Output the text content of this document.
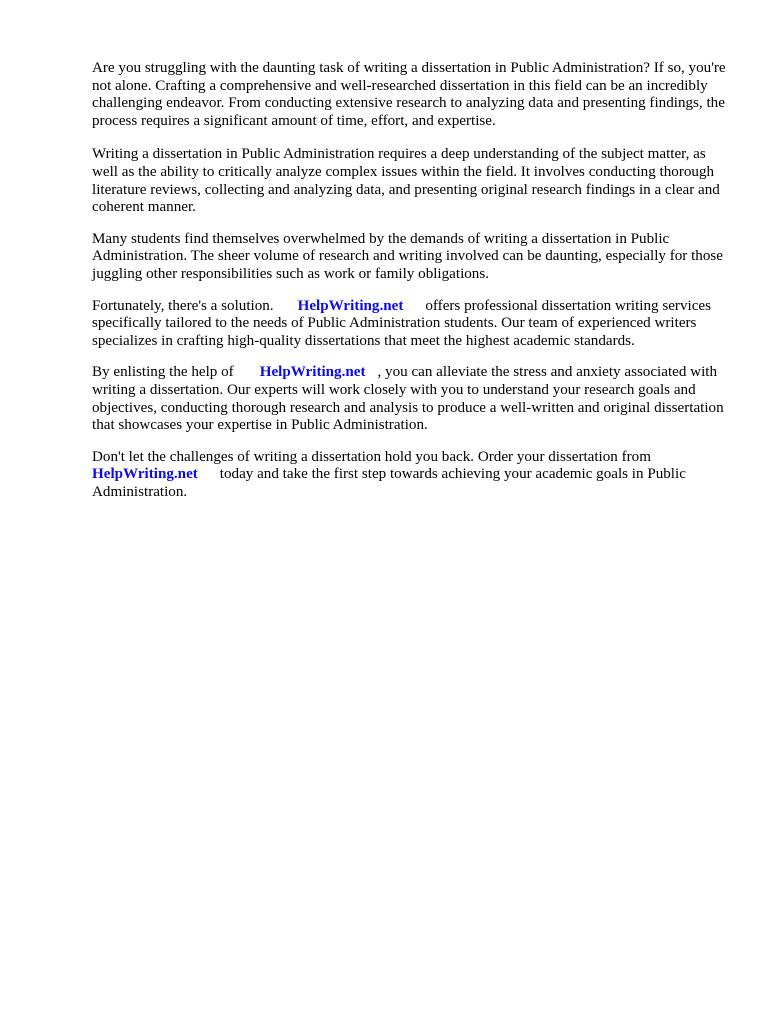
Are you struggling with the daunting task of writing a dissertation in Public Administration? If so, you're not alone. Crafting a comprehensive and well-researched dissertation in this field can be an incredibly challenging endeavor. From conducting extensive research to analyzing data and presenting findings, the process requires a significant amount of time, effort, and expertise.

Writing a dissertation in Public Administration requires a deep understanding of the subject matter, as well as the ability to critically analyze complex issues within the field. It involves conducting thorough literature reviews, collecting and analyzing data, and presenting original research findings in a clear and coherent manner.

Many students find themselves overwhelmed by the demands of writing a dissertation in Public Administration. The sheer volume of research and writing involved can be daunting, especially for those juggling other responsibilities such as work or family obligations.

Fortunately, there's a solution. HelpWriting.net offers professional dissertation writing services specifically tailored to the needs of Public Administration students. Our team of experienced writers specializes in crafting high-quality dissertations that meet the highest academic standards.

By enlisting the help of HelpWriting.net , you can alleviate the stress and anxiety associated with writing a dissertation. Our experts will work closely with you to understand your research goals and objectives, conducting thorough research and analysis to produce a well-written and original dissertation that showcases your expertise in Public Administration.

Don't let the challenges of writing a dissertation hold you back. Order your dissertation from HelpWriting.net today and take the first step towards achieving your academic goals in Public Administration.
